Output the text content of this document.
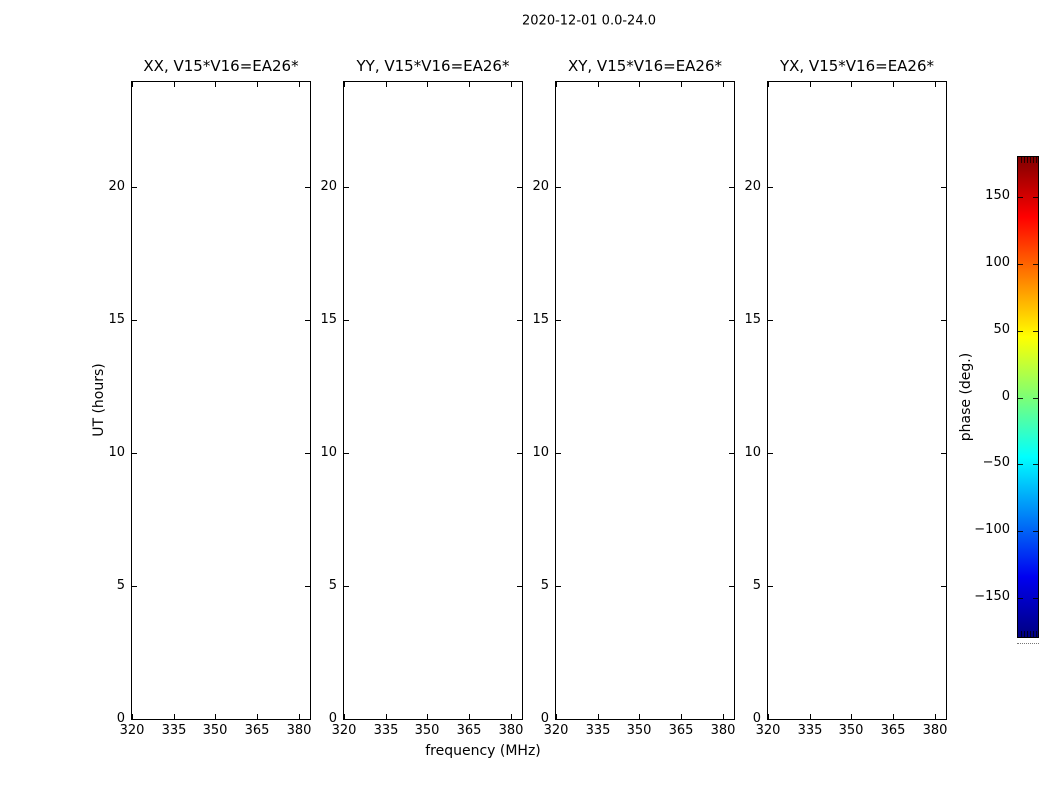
2020-12-01 0.0-24.0
frequency (MHz)
UT (hours)
XX, V15*V16=EA26*
320	335	350	365	380
20
15
10
5
0
YY, V15*V16=EA26*
320	335	350	365	380
20
15
10
5
0
XY, V15*V16=EA26*
320	335	350	365	380
20
15
10
5
0
YX, V15*V16=EA26*
320	335	350	365	380
20
15
10
5
0
phase (deg.)
150
100
50
0
−50
−100
−150
